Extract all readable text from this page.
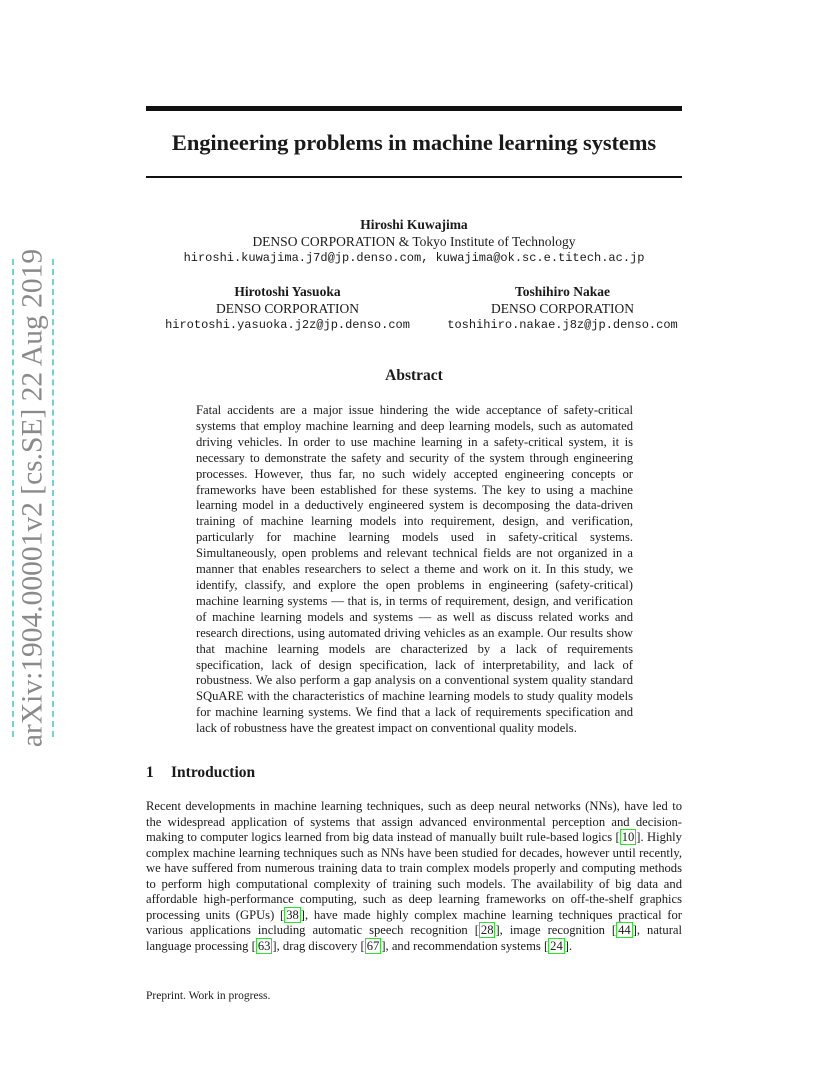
arXiv:1904.00001v2 [cs.SE] 22 Aug 2019
Engineering problems in machine learning systems
Hiroshi Kuwajima
DENSO CORPORATION & Tokyo Institute of Technology
hiroshi.kuwajima.j7d@jp.denso.com, kuwajima@ok.sc.e.titech.ac.jp
Hirotoshi Yasuoka
DENSO CORPORATION
hirotoshi.yasuoka.j2z@jp.denso.com
Toshihiro Nakae
DENSO CORPORATION
toshihiro.nakae.j8z@jp.denso.com
Abstract
Fatal accidents are a major issue hindering the wide acceptance of safety-critical systems that employ machine learning and deep learning models, such as automated driving vehicles. In order to use machine learning in a safety-critical system, it is necessary to demonstrate the safety and security of the system through engineering processes. However, thus far, no such widely accepted engineering concepts or frameworks have been established for these systems. The key to using a machine learning model in a deductively engineered system is decomposing the data-driven training of machine learning models into requirement, design, and verification, particularly for machine learning models used in safety-critical systems. Simultaneously, open problems and relevant technical fields are not organized in a manner that enables researchers to select a theme and work on it. In this study, we identify, classify, and explore the open problems in engineering (safety-critical) machine learning systems — that is, in terms of requirement, design, and verification of machine learning models and systems — as well as discuss related works and research directions, using automated driving vehicles as an example. Our results show that machine learning models are characterized by a lack of requirements specification, lack of design specification, lack of interpretability, and lack of robustness. We also perform a gap analysis on a conventional system quality standard SQuARE with the characteristics of machine learning models to study quality models for machine learning systems. We find that a lack of requirements specification and lack of robustness have the greatest impact on conventional quality models.
1 Introduction
Recent developments in machine learning techniques, such as deep neural networks (NNs), have led to the widespread application of systems that assign advanced environmental perception and decision-making to computer logics learned from big data instead of manually built rule-based logics [ 10 ]. Highly complex machine learning techniques such as NNs have been studied for decades, however until recently, we have suffered from numerous training data to train complex models properly and computing methods to perform high computational complexity of training such models. The availability of big data and affordable high-performance computing, such as deep learning frameworks on off-the-shelf graphics processing units (GPUs) [ 38 ], have made highly complex machine learning techniques practical for various applications including automatic speech recognition [ 28 ], image recognition [ 44 ], natural language processing [ 63 ], drag discovery [ 67 ], and recommendation systems [ 24 ].
Preprint. Work in progress.
